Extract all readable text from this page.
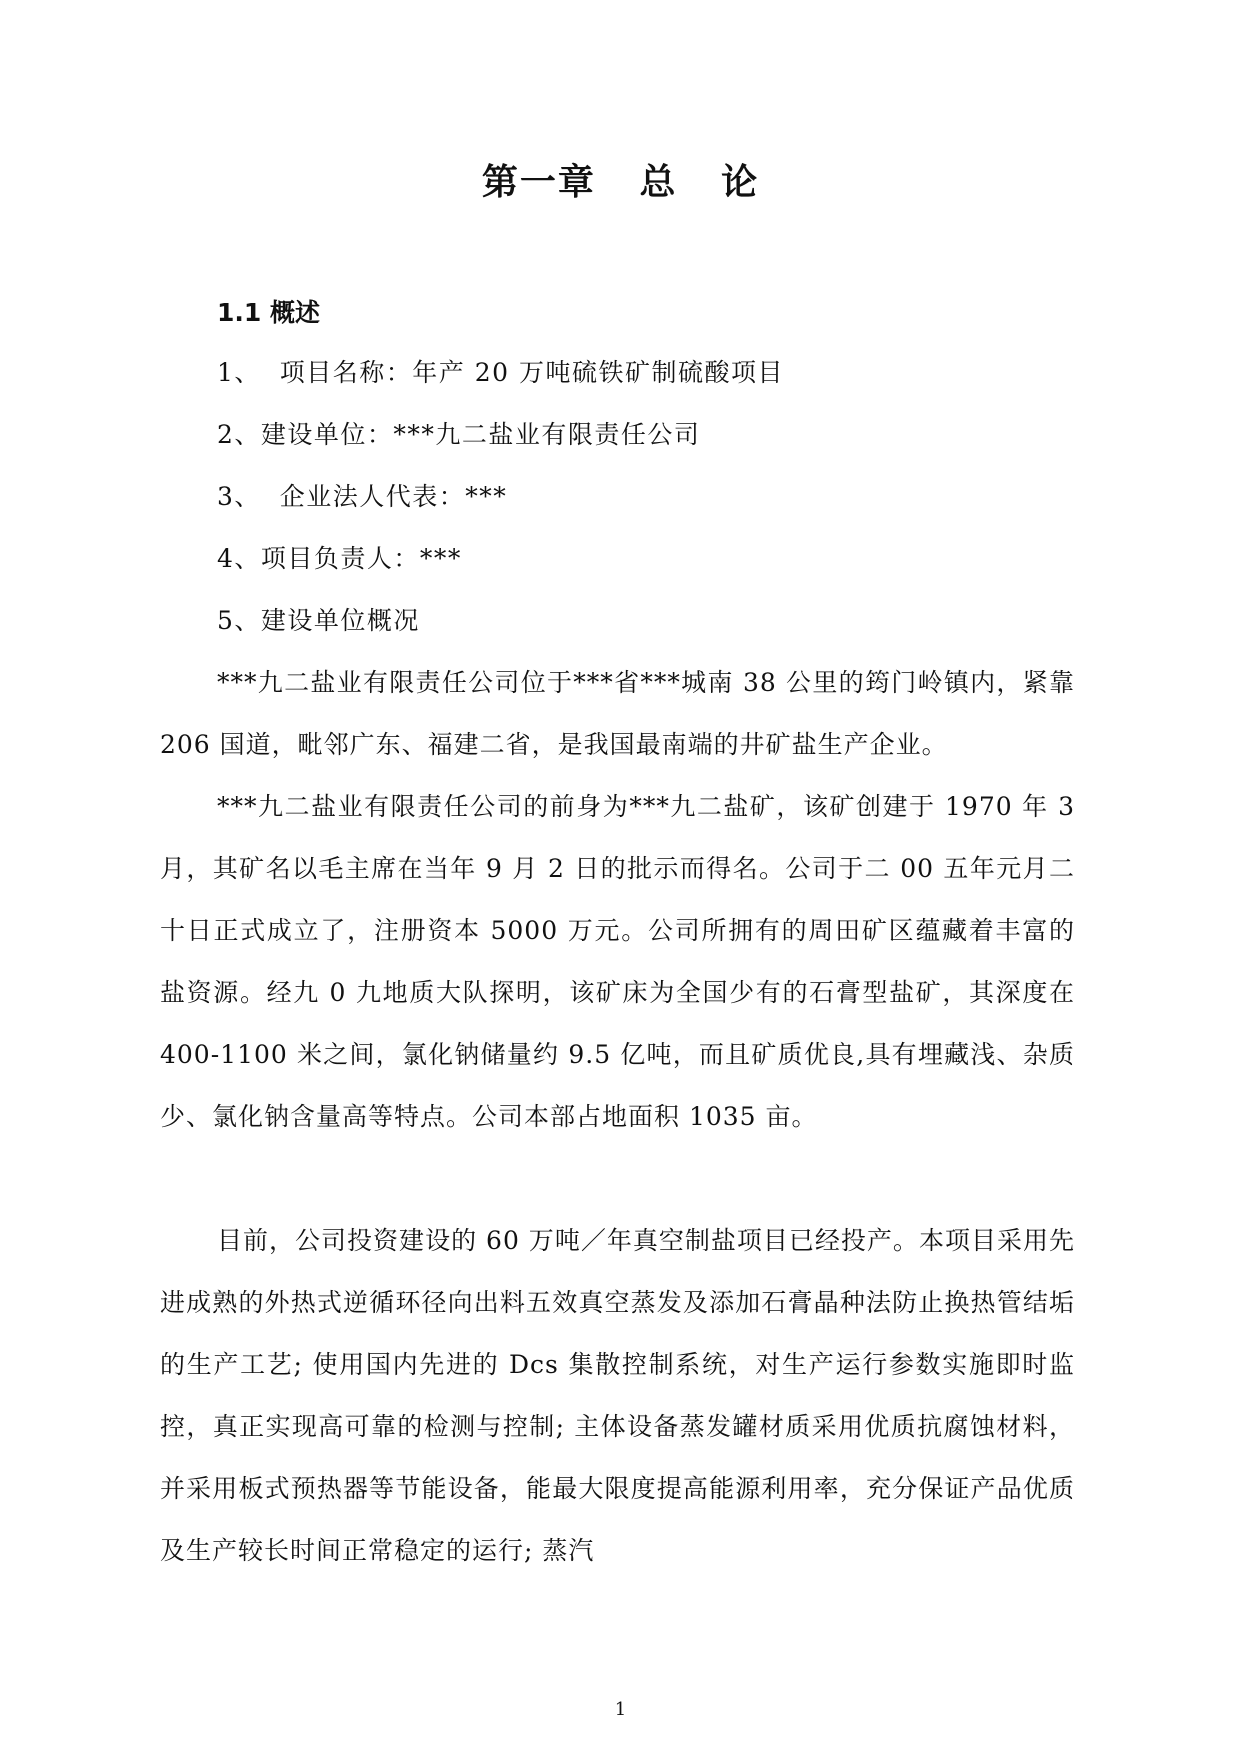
第一章   总   论
1.1 概述
1、  项目名称：年产 20 万吨硫铁矿制硫酸项目
2、建设单位：***九二盐业有限责任公司
3、  企业法人代表：***
4、项目负责人：***
5、建设单位概况
***九二盐业有限责任公司位于***省***城南 38 公里的筠门岭镇内，紧靠 206 国道，毗邻广东、福建二省，是我国最南端的井矿盐生产企业。
***九二盐业有限责任公司的前身为***九二盐矿，该矿创建于 1970 年 3 月，其矿名以毛主席在当年 9 月 2 日的批示而得名。公司于二 00 五年元月二十日正式成立了，注册资本 5000 万元。公司所拥有的周田矿区蕴藏着丰富的盐资源。经九 0 九地质大队探明，该矿床为全国少有的石膏型盐矿，其深度在 400-1100 米之间，氯化钠储量约 9.5 亿吨，而且矿质优良,具有埋藏浅、杂质少、氯化钠含量高等特点。公司本部占地面积 1035 亩。
目前，公司投资建设的 60 万吨／年真空制盐项目已经投产。本项目采用先进成熟的外热式逆循环径向出料五效真空蒸发及添加石膏晶种法防止换热管结垢的生产工艺; 使用国内先进的 Dcs 集散控制系统，对生产运行参数实施即时监控，真正实现高可靠的检测与控制; 主体设备蒸发罐材质采用优质抗腐蚀材料，并采用板式预热器等节能设备，能最大限度提高能源利用率，充分保证产品优质及生产较长时间正常稳定的运行; 蒸汽
1
